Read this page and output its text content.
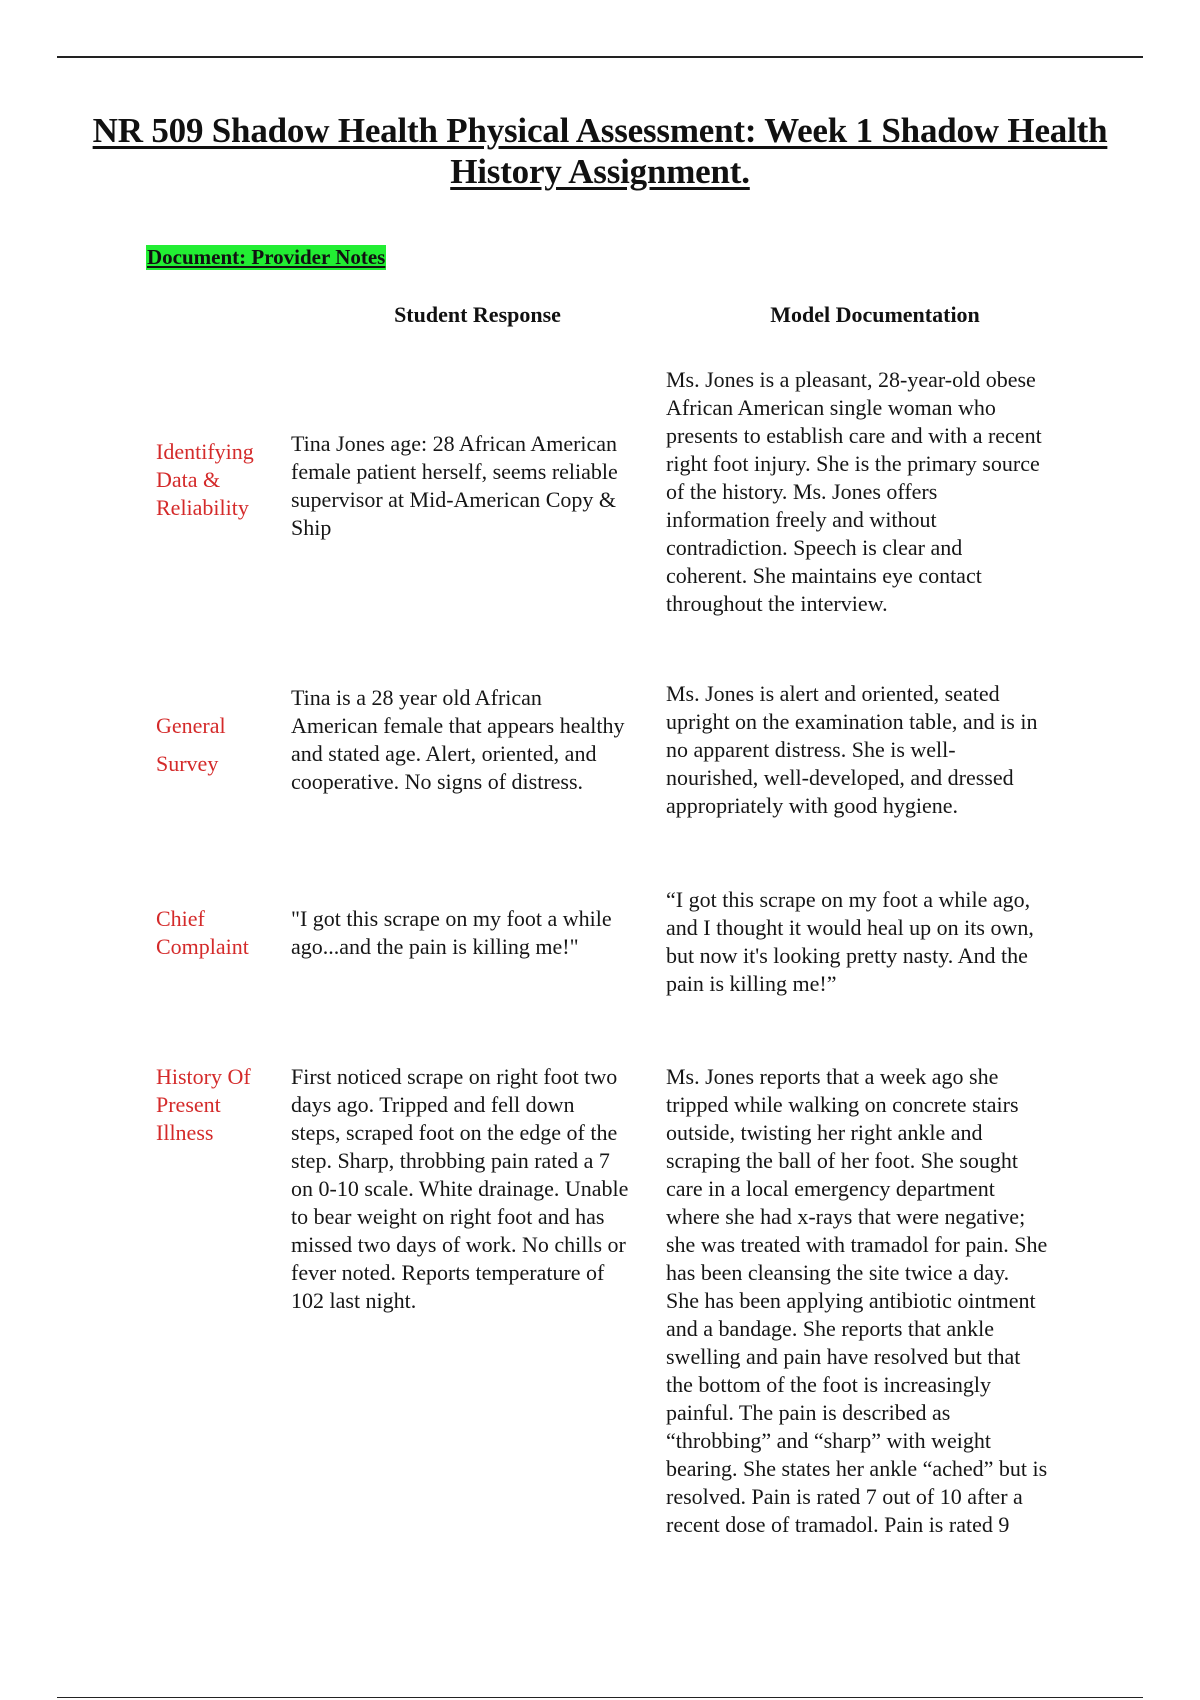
NR 509 Shadow Health Physical Assessment: Week 1 Shadow Health History Assignment.
Document: Provider Notes
Student Response	Model Documentation
Identifying
Data &
Reliability
Tina Jones age: 28 African American
female patient herself, seems reliable
supervisor at Mid-American Copy &
Ship
Ms. Jones is a pleasant, 28-year-old obese
African American single woman who
presents to establish care and with a recent
right foot injury. She is the primary source
of the history. Ms. Jones offers
information freely and without
contradiction. Speech is clear and
coherent. She maintains eye contact
throughout the interview.
General
Survey
Tina is a 28 year old African
American female that appears healthy
and stated age. Alert, oriented, and
cooperative. No signs of distress.
Ms. Jones is alert and oriented, seated
upright on the examination table, and is in
no apparent distress. She is well-
nourished, well-developed, and dressed
appropriately with good hygiene.
Chief
Complaint
"I got this scrape on my foot a while
ago...and the pain is killing me!"
“I got this scrape on my foot a while ago,
and I thought it would heal up on its own,
but now it's looking pretty nasty. And the
pain is killing me!”
History Of
Present
Illness
First noticed scrape on right foot two
days ago. Tripped and fell down
steps, scraped foot on the edge of the
step. Sharp, throbbing pain rated a 7
on 0-10 scale. White drainage. Unable
to bear weight on right foot and has
missed two days of work. No chills or
fever noted. Reports temperature of
102 last night.
Ms. Jones reports that a week ago she
tripped while walking on concrete stairs
outside, twisting her right ankle and
scraping the ball of her foot. She sought
care in a local emergency department
where she had x-rays that were negative;
she was treated with tramadol for pain. She
has been cleansing the site twice a day.
She has been applying antibiotic ointment
and a bandage. She reports that ankle
swelling and pain have resolved but that
the bottom of the foot is increasingly
painful. The pain is described as
“throbbing” and “sharp” with weight
bearing. She states her ankle “ached” but is
resolved. Pain is rated 7 out of 10 after a
recent dose of tramadol. Pain is rated 9
